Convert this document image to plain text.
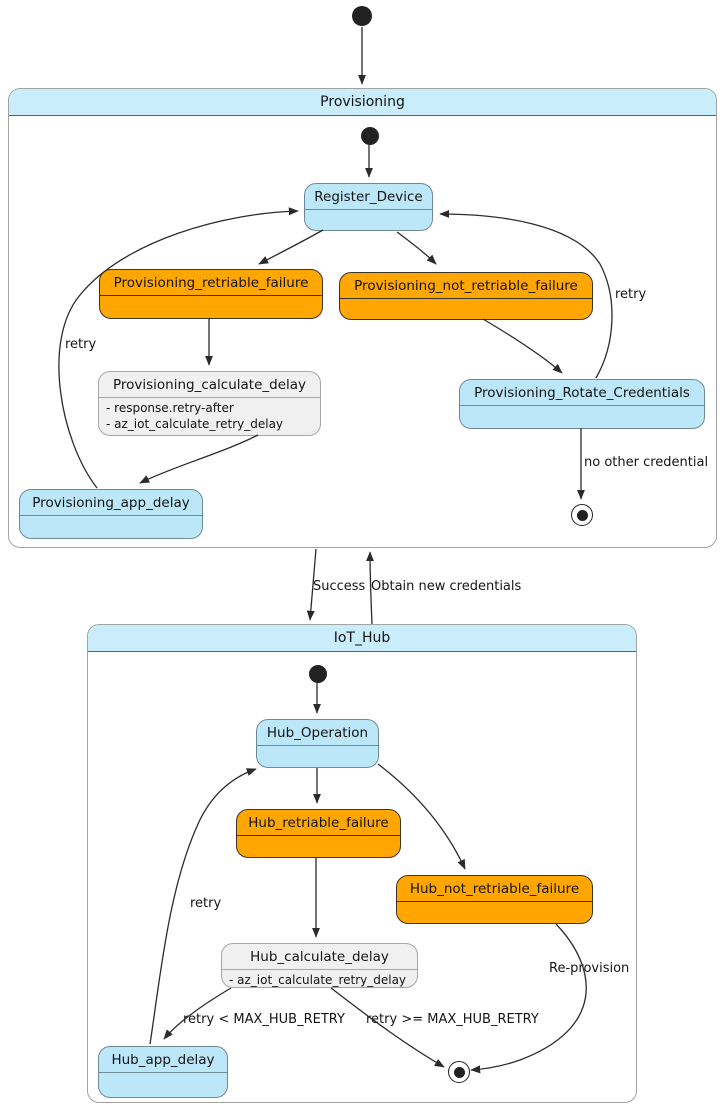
Provisioning
Register_Device
Provisioning_retriable_failure	Provisioning_not_retriable_failure
Provisioning_calculate_delay
- response.retry-after
- az_iot_calculate_retry_delay
Provisioning_Rotate_Credentials
Provisioning_app_delay
retry
retry
no other credential
Success Obtain new credentials
IoT_Hub
Hub_Operation
Hub_retriable_failure
Hub_not_retriable_failure
Hub_calculate_delay
- az_iot_calculate_retry_delay
Hub_app_delay
retry
Re-provision
retry < MAX_HUB_RETRY retry >= MAX_HUB_RETRY
